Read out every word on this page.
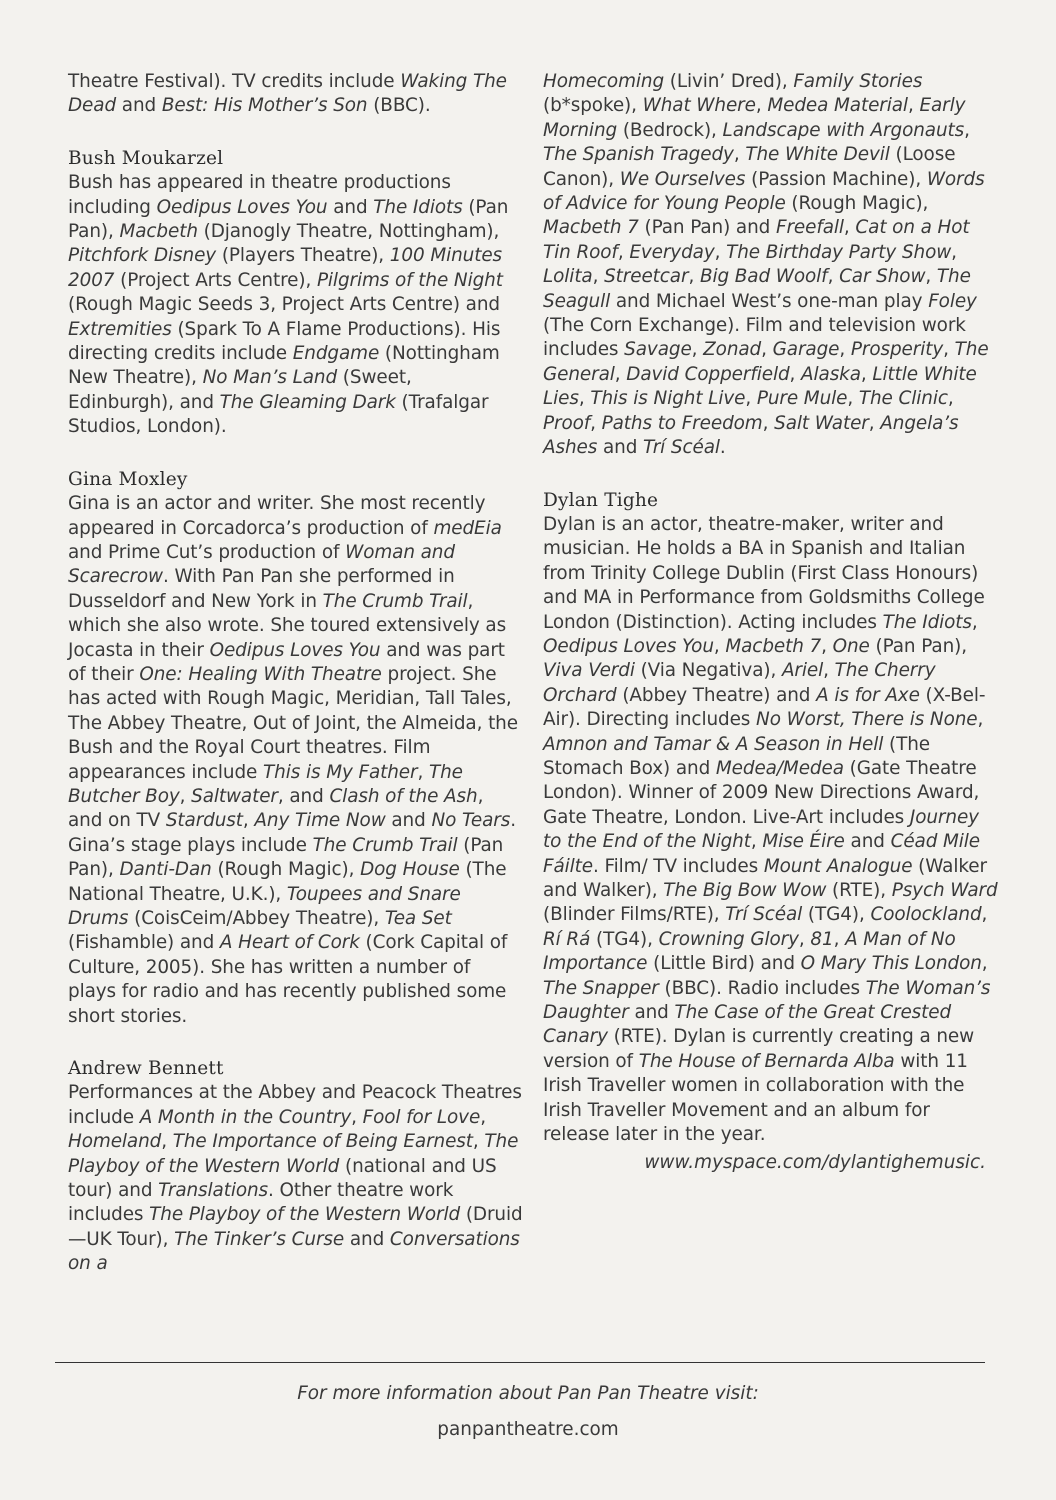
Theatre Festival). TV credits include Waking The Dead and Best: His Mother’s Son (BBC).

Bush Moukarzel

Bush has appeared in theatre productions including Oedipus Loves You and The Idiots (Pan Pan), Macbeth (Djanogly Theatre, Nottingham), Pitchfork Disney (Players Theatre), 100 Minutes 2007 (Project Arts Centre), Pilgrims of the Night (Rough Magic Seeds 3, Project Arts Centre) and Extremities (Spark To A Flame Productions). His directing credits include Endgame (Nottingham New Theatre), No Man’s Land (Sweet, Edinburgh), and The Gleaming Dark (Trafalgar Studios, London).

Gina Moxley

Gina is an actor and writer. She most recently appeared in Corcadorca’s production of medEia and Prime Cut’s production of Woman and Scarecrow. With Pan Pan she performed in Dusseldorf and New York in The Crumb Trail, which she also wrote. She toured extensively as Jocasta in their Oedipus Loves You and was part of their One: Healing With Theatre project. She has acted with Rough Magic, Meridian, Tall Tales, The Abbey Theatre, Out of Joint, the Almeida, the Bush and the Royal Court theatres. Film appearances include This is My Father, The Butcher Boy, Saltwater, and Clash of the Ash, and on TV Stardust, Any Time Now and No Tears. Gina’s stage plays include The Crumb Trail (Pan Pan), Danti-Dan (Rough Magic), Dog House (The National Theatre, U.K.), Toupees and Snare Drums (CoisCeim/Abbey Theatre), Tea Set (Fishamble) and A Heart of Cork (Cork Capital of Culture, 2005). She has written a number of plays for radio and has recently published some short stories.

Andrew Bennett

Performances at the Abbey and Peacock Theatres include A Month in the Country, Fool for Love, Homeland, The Importance of Being Earnest, The Playboy of the Western World (national and US tour) and Translations. Other theatre work includes The Playboy of the Western World (Druid—UK Tour), The Tinker’s Curse and Conversations on a

Homecoming (Livin’ Dred), Family Stories (b*spoke), What Where, Medea Material, Early Morning (Bedrock), Landscape with Argonauts, The Spanish Tragedy, The White Devil (Loose Canon), We Ourselves (Passion Machine), Words of Advice for Young People (Rough Magic), Macbeth 7 (Pan Pan) and Freefall, Cat on a Hot Tin Roof, Everyday, The Birthday Party Show, Lolita, Streetcar, Big Bad Woolf, Car Show, The Seagull and Michael West’s one-man play Foley (The Corn Exchange). Film and television work includes Savage, Zonad, Garage, Prosperity, The General, David Copperfield, Alaska, Little White Lies, This is Night Live, Pure Mule, The Clinic, Proof, Paths to Freedom, Salt Water, Angela’s Ashes and Trí Scéal.

Dylan Tighe

Dylan is an actor, theatre-maker, writer and musician. He holds a BA in Spanish and Italian from Trinity College Dublin (First Class Honours) and MA in Performance from Goldsmiths College London (Distinction). Acting includes The Idiots, Oedipus Loves You, Macbeth 7, One (Pan Pan), Viva Verdi (Via Negativa), Ariel, The Cherry Orchard (Abbey Theatre) and A is for Axe (X-Bel-Air). Directing includes No Worst, There is None, Amnon and Tamar & A Season in Hell (The Stomach Box) and Medea/Medea (Gate Theatre London). Winner of 2009 New Directions Award, Gate Theatre, London. Live-Art includes Journey to the End of the Night, Mise Éire and Céad Mile Fáilte. Film/ TV includes Mount Analogue (Walker and Walker), The Big Bow Wow (RTE), Psych Ward (Blinder Films/RTE), Trí Scéal (TG4), Coolockland, Rí Rá (TG4), Crowning Glory, 81, A Man of No Importance (Little Bird) and O Mary This London, The Snapper (BBC). Radio includes The Woman’s Daughter and The Case of the Great Crested Canary (RTE). Dylan is currently creating a new version of The House of Bernarda Alba with 11 Irish Traveller women in collaboration with the Irish Traveller Movement and an album for release later in the year.

www.myspace.com/dylantighemusic.
For more information about Pan Pan Theatre visit:
panpantheatre.com
